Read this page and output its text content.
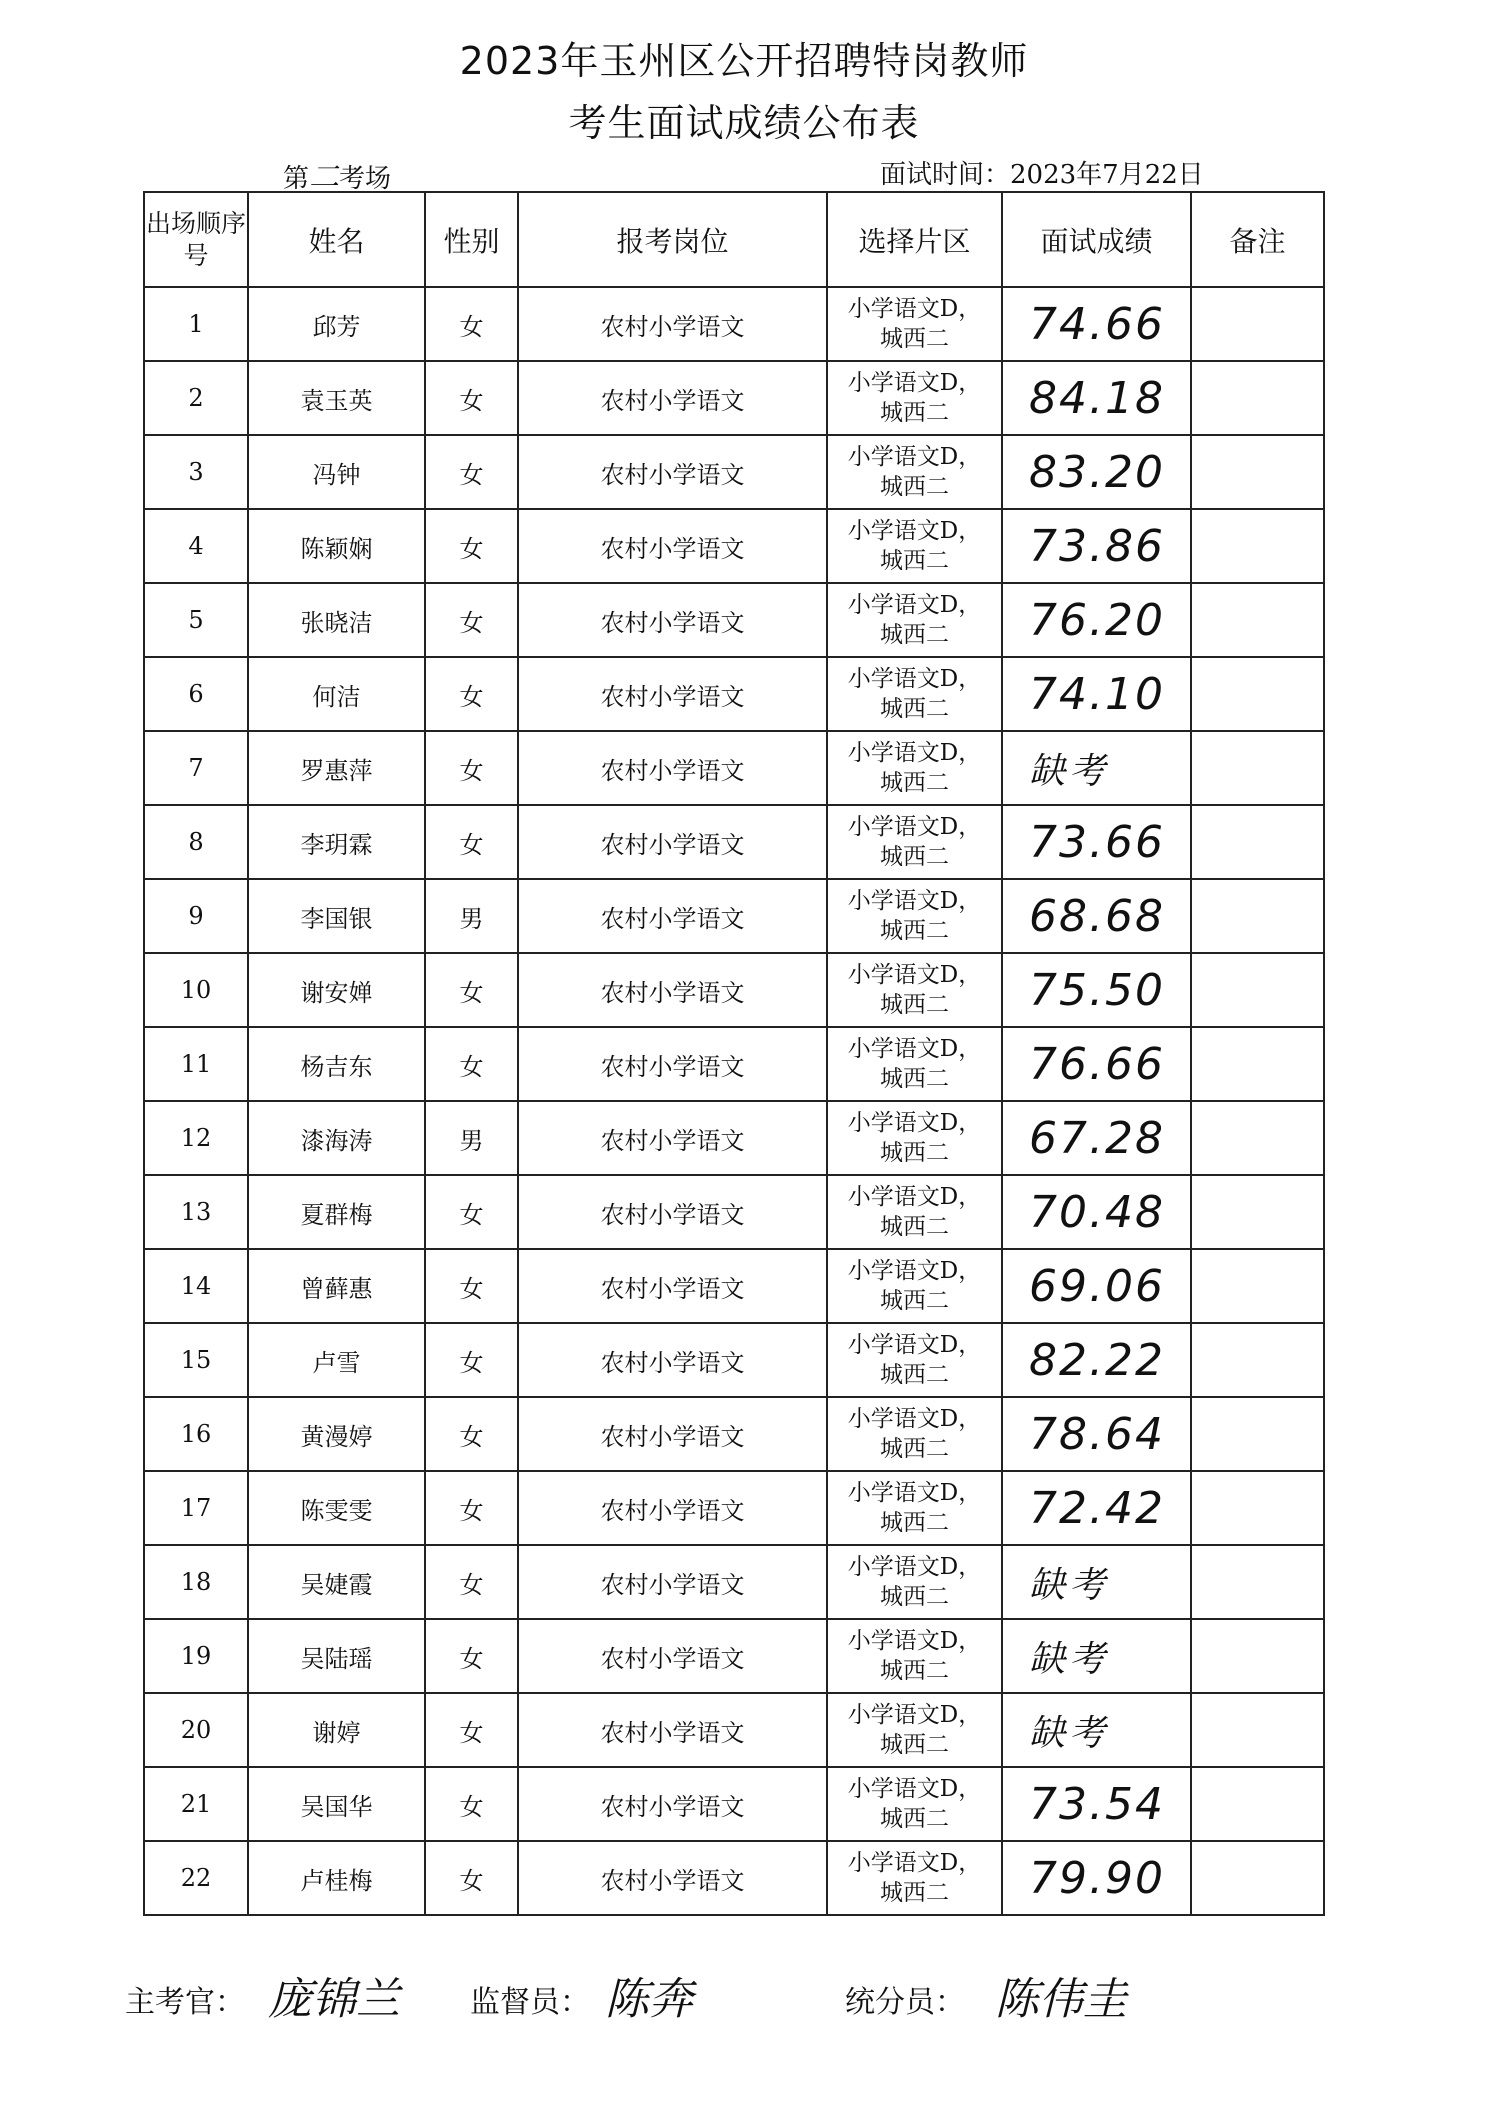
2023年玉州区公开招聘特岗教师
考生面试成绩公布表
第二考场	面试时间：2023年7月22日
出场顺序号	姓名	性别	报考岗位	选择片区	面试成绩	备注
1	邱芳	女	农村小学语文	小学语文D，
城西二	74.66	
2	袁玉英	女	农村小学语文	小学语文D，
城西二	84.18	
3	冯钟	女	农村小学语文	小学语文D，
城西二	83.20	
4	陈颖娴	女	农村小学语文	小学语文D，
城西二	73.86	
5	张晓洁	女	农村小学语文	小学语文D，
城西二	76.20	
6	何洁	女	农村小学语文	小学语文D，
城西二	74.10	
7	罗惠萍	女	农村小学语文	小学语文D，
城西二	缺考	
8	李玥霖	女	农村小学语文	小学语文D，
城西二	73.66	
9	李国银	男	农村小学语文	小学语文D，
城西二	68.68	
10	谢安婵	女	农村小学语文	小学语文D，
城西二	75.50	
11	杨吉东	女	农村小学语文	小学语文D，
城西二	76.66	
12	漆海涛	男	农村小学语文	小学语文D，
城西二	67.28	
13	夏群梅	女	农村小学语文	小学语文D，
城西二	70.48	
14	曾藓惠	女	农村小学语文	小学语文D，
城西二	69.06	
15	卢雪	女	农村小学语文	小学语文D，
城西二	82.22	
16	黄漫婷	女	农村小学语文	小学语文D，
城西二	78.64	
17	陈雯雯	女	农村小学语文	小学语文D，
城西二	72.42	
18	吴婕霞	女	农村小学语文	小学语文D，
城西二	缺考	
19	吴陆瑶	女	农村小学语文	小学语文D，
城西二	缺考	
20	谢婷	女	农村小学语文	小学语文D，
城西二	缺考	
21	吴国华	女	农村小学语文	小学语文D，
城西二	73.54	
22	卢桂梅	女	农村小学语文	小学语文D，
城西二	79.90	
主考官： 庞锦兰 监督员： 陈奔	统分员： 陈伟圭
